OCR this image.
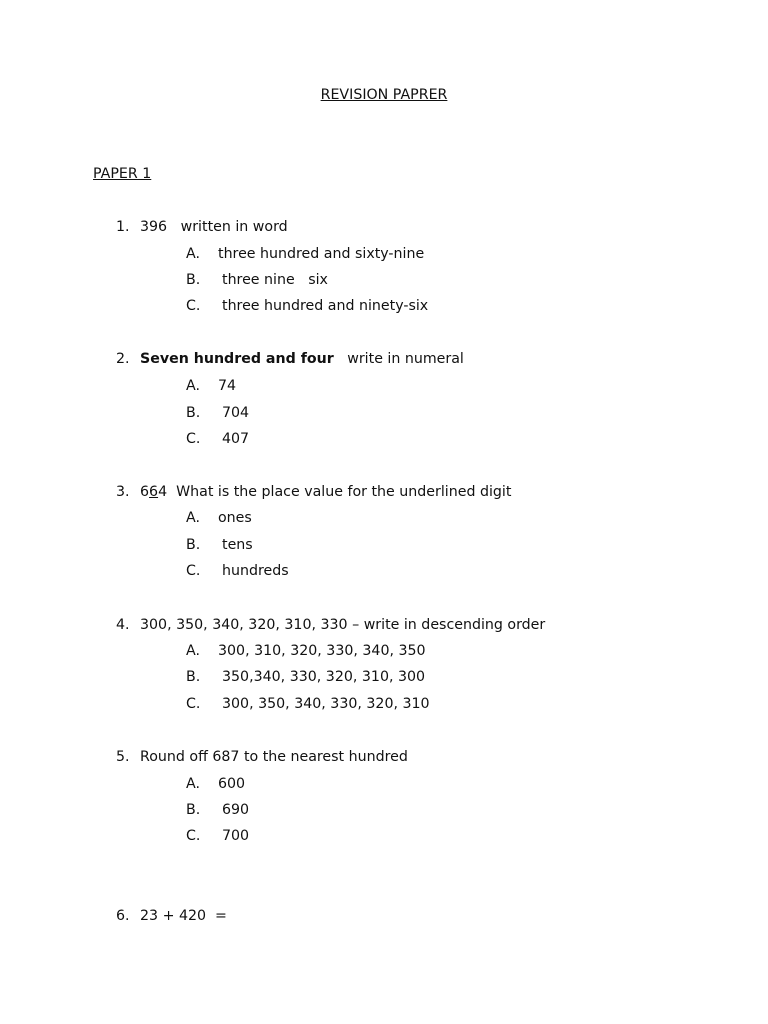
REVISION PAPRER
PAPER 1
1. 396   written in word
A. three hundred and sixty-nine
B. three nine   six
C. three hundred and ninety-six
2. Seven hundred and four   write in numeral
A. 74
B. 704
C. 407
3. 664  What is the place value for the underlined digit
A. ones
B. tens
C. hundreds
4. 300, 350, 340, 320, 310, 330 – write in descending order
A. 300, 310, 320, 330, 340, 350
B. 350,340, 330, 320, 310, 300
C. 300, 350, 340, 330, 320, 310
5. Round off 687 to the nearest hundred
A. 600
B. 690
C. 700
6. 23 + 420  =
